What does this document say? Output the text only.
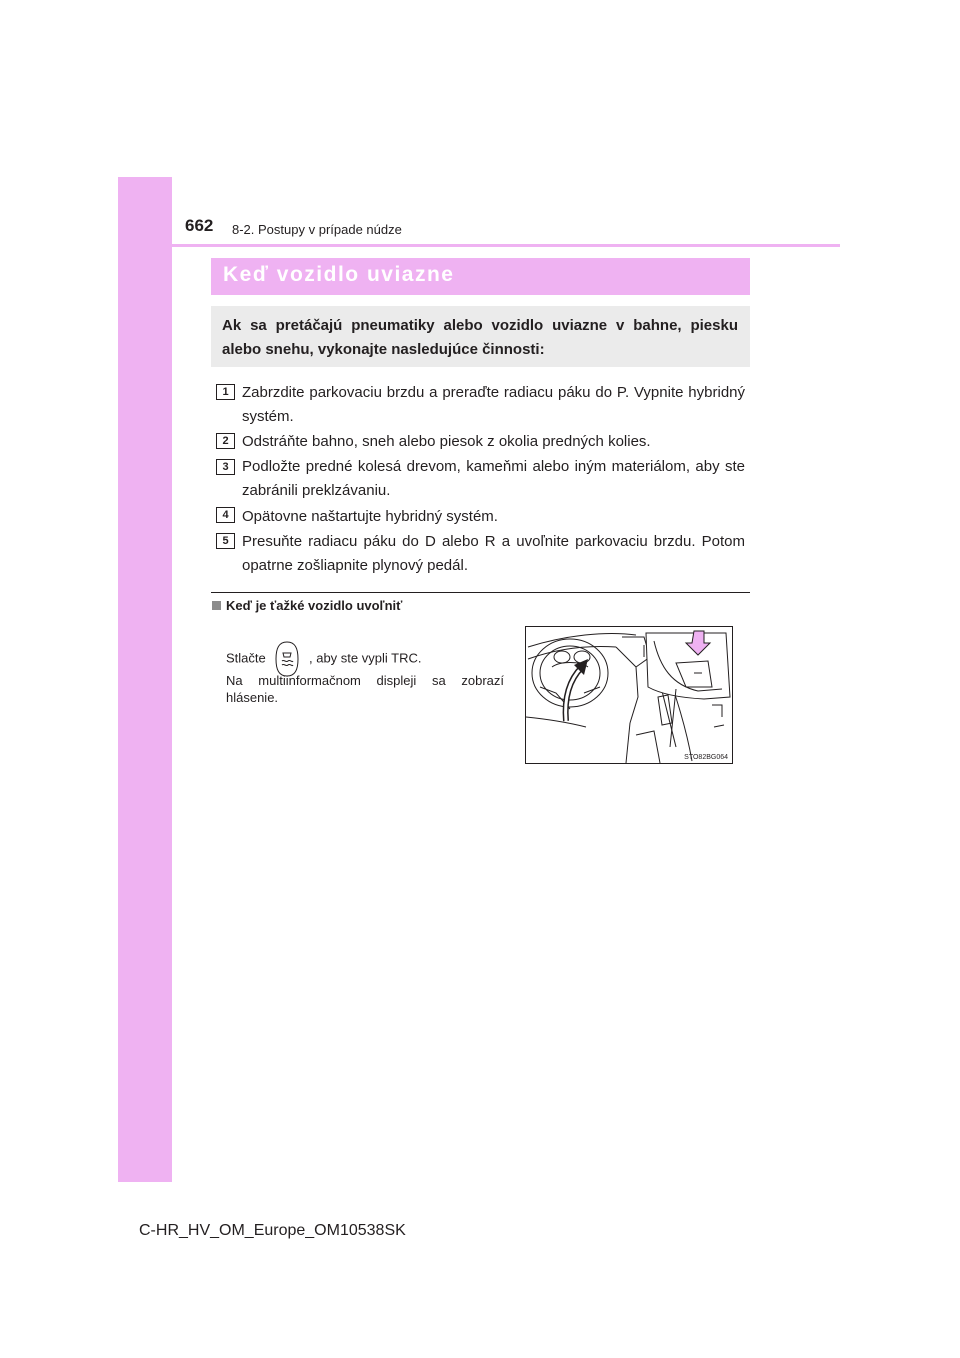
662 8-2. Postupy v prípade núdze
Keď vozidlo uviazne
Ak sa pretáčajú pneumatiky alebo vozidlo uviazne v bahne, piesku alebo snehu, vykonajte nasledujúce činnosti:
1 Zabrzdite parkovaciu brzdu a preraďte radiacu páku do P. Vypnite hybridný systém.
2 Odstráňte bahno, sneh alebo piesok z okolia predných kolies.
3 Podložte predné kolesá drevom, kameňmi alebo iným materiálom, aby ste zabránili preklzávaniu.
4 Opätovne naštartujte hybridný systém.
5 Presuňte radiacu páku do D alebo R a uvoľnite parkovaciu brzdu. Potom opatrne zošliapnite plynový pedál.
Keď je ťažké vozidlo uvoľniť
Stlačte	, aby ste vypli TRC.
Na multiinformačnom displeji sa zobrazí hlásenie.
STO82BG064
C-HR_HV_OM_Europe_OM10538SK
